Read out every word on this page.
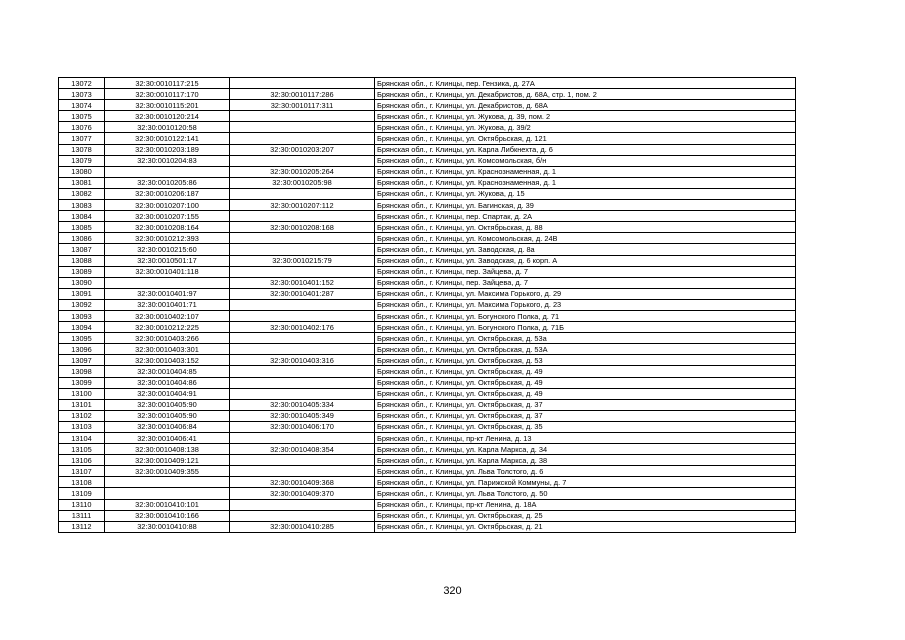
13072	32:30:0010117:215		Брянская обл., г. Клинцы, пер. Гензика, д. 27А
13073	32:30:0010117:170	32:30:0010117:286	Брянская обл., г. Клинцы, ул. Декабристов, д. 68А, стр. 1, пом. 2
13074	32:30:0010115:201	32:30:0010117:311	Брянская обл., г. Клинцы, ул. Декабристов, д. 68А
13075	32:30:0010120:214		Брянская обл., г. Клинцы, ул. Жукова, д. 39, пом. 2
13076	32:30:0010120:58		Брянская обл., г. Клинцы, ул. Жукова, д. 39/2
13077	32:30:0010122:141		Брянская обл., г. Клинцы, ул. Октябрьская, д. 121
13078	32:30:0010203:189	32:30:0010203:207	Брянская обл., г. Клинцы, ул. Карла Либкнехта, д. 6
13079	32:30:0010204:83		Брянская обл., г. Клинцы, ул. Комсомольская, б/н
13080		32:30:0010205:264	Брянская обл., г. Клинцы, ул. Краснознаменная, д. 1
13081	32:30:0010205:86	32:30:0010205:98	Брянская обл., г. Клинцы, ул. Краснознаменная, д. 1
13082	32:30:0010206:187		Брянская обл., г. Клинцы, ул. Жукова, д. 15
13083	32:30:0010207:100	32:30:0010207:112	Брянская обл., г. Клинцы, ул. Багинская, д. 39
13084	32:30:0010207:155		Брянская обл., г. Клинцы, пер. Спартак, д. 2А
13085	32:30:0010208:164	32:30:0010208:168	Брянская обл., г. Клинцы, ул. Октябрьская, д. 88
13086	32:30:0010212:393		Брянская обл., г. Клинцы, ул. Комсомольская, д. 24В
13087	32:30:0010215:60		Брянская обл., г. Клинцы, ул. Заводская, д. 8а
13088	32:30:0010501:17	32:30:0010215:79	Брянская обл., г. Клинцы, ул. Заводская, д. 6 корп. А
13089	32:30:0010401:118		Брянская обл., г. Клинцы, пер. Зайцева, д. 7
13090		32:30:0010401:152	Брянская обл., г. Клинцы, пер. Зайцева, д. 7
13091	32:30:0010401:97	32:30:0010401:287	Брянская обл., г. Клинцы, ул. Максима Горького, д. 29
13092	32:30:0010401:71		Брянская обл., г. Клинцы, ул. Максима Горького, д. 23
13093	32:30:0010402:107		Брянская обл., г. Клинцы, ул. Богунского Полка, д. 71
13094	32:30:0010212:225	32:30:0010402:176	Брянская обл., г. Клинцы, ул. Богунского Полка, д. 71Б
13095	32:30:0010403:266		Брянская обл., г. Клинцы, ул. Октябрьская, д. 53а
13096	32:30:0010403:301		Брянская обл., г. Клинцы, ул. Октябрьская, д. 53А
13097	32:30:0010403:152	32:30:0010403:316	Брянская обл., г. Клинцы, ул. Октябрьская, д. 53
13098	32:30:0010404:85		Брянская обл., г. Клинцы, ул. Октябрьская, д. 49
13099	32:30:0010404:86		Брянская обл., г. Клинцы, ул. Октябрьская, д. 49
13100	32:30:0010404:91		Брянская обл., г. Клинцы, ул. Октябрьская, д. 49
13101	32:30:0010405:90	32:30:0010405:334	Брянская обл., г. Клинцы, ул. Октябрьская, д. 37
13102	32:30:0010405:90	32:30:0010405:349	Брянская обл., г. Клинцы, ул. Октябрьская, д. 37
13103	32:30:0010406:84	32:30:0010406:170	Брянская обл., г. Клинцы, ул. Октябрьская, д. 35
13104	32:30:0010406:41		Брянская обл., г. Клинцы, пр-кт Ленина, д. 13
13105	32:30:0010408:138	32:30:0010408:354	Брянская обл., г. Клинцы, ул. Карла Маркса, д. 34
13106	32:30:0010409:121		Брянская обл., г. Клинцы, ул. Карла Маркса, д. 38
13107	32:30:0010409:355		Брянская обл., г. Клинцы, ул. Льва Толстого, д. 6
13108		32:30:0010409:368	Брянская обл., г. Клинцы, ул. Парижской Коммуны, д. 7
13109		32:30:0010409:370	Брянская обл., г. Клинцы, ул. Льва Толстого, д. 50
13110	32:30:0010410:101		Брянская обл., г. Клинцы, пр-кт Ленина, д. 18А
13111	32:30:0010410:166		Брянская обл., г. Клинцы, ул. Октябрьская, д. 25
13112	32:30:0010410:88	32:30:0010410:285	Брянская обл., г. Клинцы, ул. Октябрьская, д. 21
320
